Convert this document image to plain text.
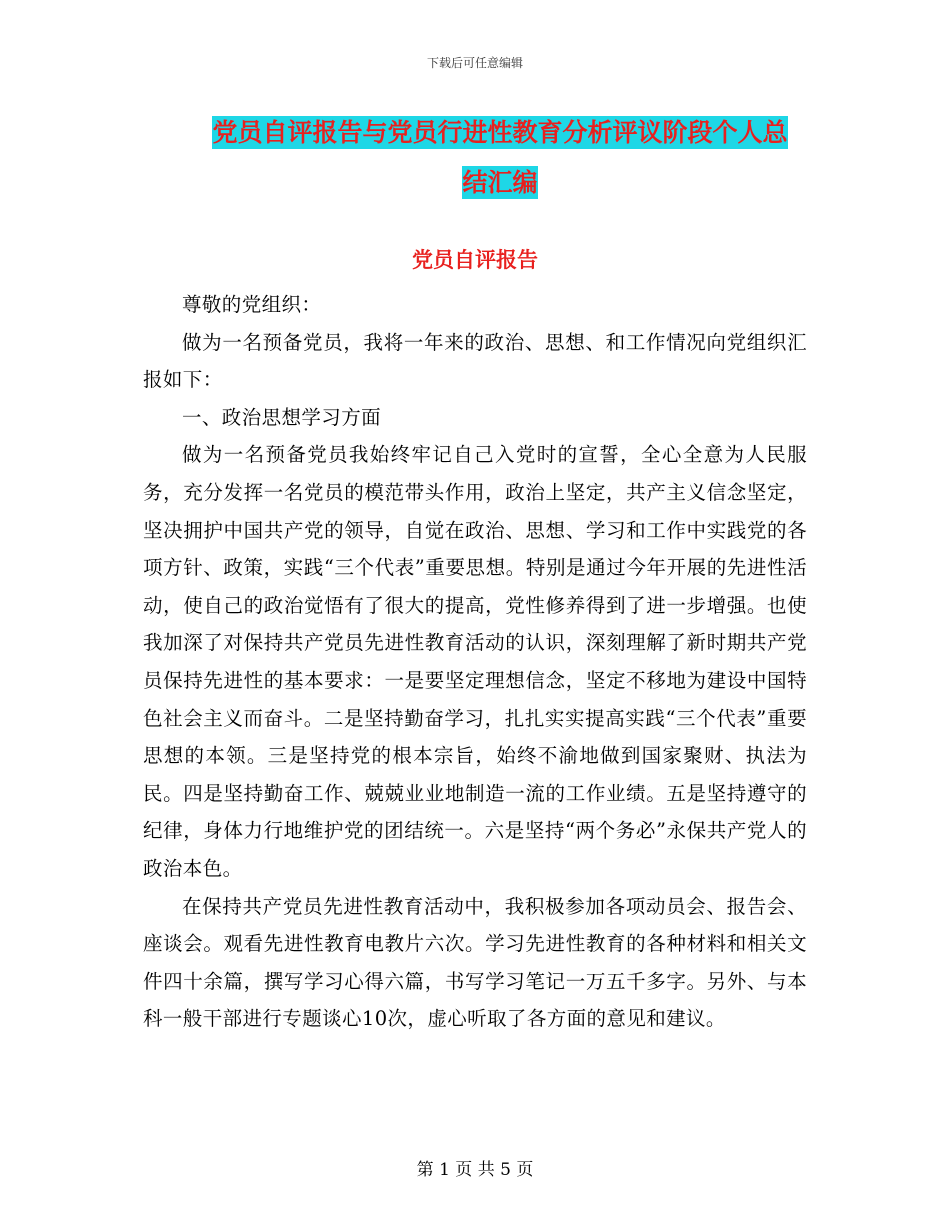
下载后可任意编辑
党员自评报告与党员行进性教育分析评议阶段个人总
结汇编
党员自评报告

尊敬的党组织：

做为一名预备党员，我将一年来的政治、思想、和工作情况向党组织汇报如下：

一、政治思想学习方面

做为一名预备党员我始终牢记自己入党时的宣誓，全心全意为人民服务，充分发挥一名党员的模范带头作用，政治上坚定，共产主义信念坚定，坚决拥护中国共产党的领导，自觉在政治、思想、学习和工作中实践党的各项方针、政策，实践“三个代表”重要思想。特别是通过今年开展的先进性活动，使自己的政治觉悟有了很大的提高，党性修养得到了进一步增强。也使我加深了对保持共产党员先进性教育活动的认识，深刻理解了新时期共产党员保持先进性的基本要求：一是要坚定理想信念，坚定不移地为建设中国特色社会主义而奋斗。二是坚持勤奋学习，扎扎实实提高实践“三个代表”重要思想的本领。三是坚持党的根本宗旨，始终不渝地做到国家聚财、执法为民。四是坚持勤奋工作、兢兢业业地制造一流的工作业绩。五是坚持遵守的纪律，身体力行地维护党的团结统一。六是坚持“两个务必”永保共产党人的政治本色。

在保持共产党员先进性教育活动中，我积极参加各项动员会、报告会、座谈会。观看先进性教育电教片六次。学习先进性教育的各种材料和相关文件四十余篇，撰写学习心得六篇，书写学习笔记一万五千多字。另外、与本科一般干部进行专题谈心10次，虚心听取了各方面的意见和建议。

第 1 页 共 5 页
